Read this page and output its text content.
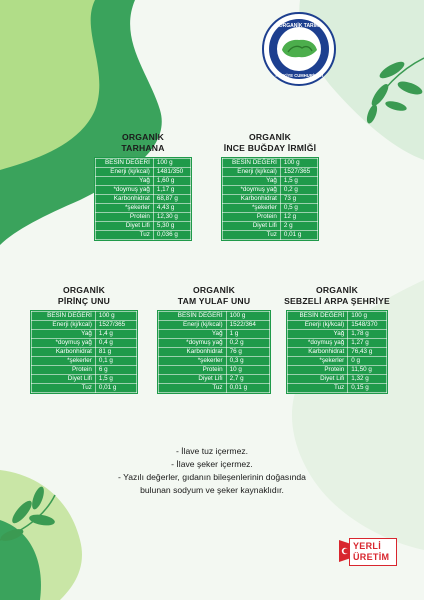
ORGANİK TARIM
TÜRKİYE CUMHURİYETİ
ORGANİK
TARHANA
BESİN DEĞERİ	100 g
Enerji (kj/kcal)	1481/350
Yağ	1,60 g
*doymuş yağ	1,17 g
Karbonhidrat	68,87 g
*şekerler	4,43 g
Protein	12,30 g
Diyet Lifi	5,30 g
Tuz	0,036 g
ORGANİK
İNCE BUĞDAY İRMİĞİ
BESİN DEĞERİ	100 g
Enerji (kj/kcal)	1527/365
Yağ	1,5 g
*doymuş yağ	0,2 g
Karbonhidrat	73 g
*şekerler	0,5 g
Protein	12 g
Diyet Lifi	2 g
Tuz	0,01 g
ORGANİK
PİRİNÇ UNU
BESİN DEĞERİ	100 g
Enerji (kj/kcal)	1527/365
Yağ	1,4 g
*doymuş yağ	0,4 g
Karbonhidrat	81 g
*şekerler	0,1 g
Protein	6 g
Diyet Lifi	1,5 g
Tuz	0,01 g
ORGANİK
TAM YULAF UNU
BESİN DEĞERİ	100 g
Enerji (kj/kcal)	1522/364
Yağ	1 g
*doymuş yağ	0,2 g
Karbonhidrat	76 g
*şekerler	0,3 g
Protein	10 g
Diyet Lifi	2,7 g
Tuz	0,01 g
ORGANİK
SEBZELİ ARPA ŞEHRİYE
BESİN DEĞERİ	100 g
Enerji (kj/kcal)	1548/370
Yağ	1,78 g
*doymuş yağ	1,27 g
Karbonhidrat	76,43 g
*şekerler	0 g
Protein	11,50 g
Diyet Lifi	1,32 g
Tuz	0,15 g
- İlave tuz içermez.
- İlave şeker içermez.
- Yazılı değerler, gıdanın bileşenlerinin doğasında
bulunan sodyum ve şeker kaynaklıdır.
YERLİ
ÜRETİM
